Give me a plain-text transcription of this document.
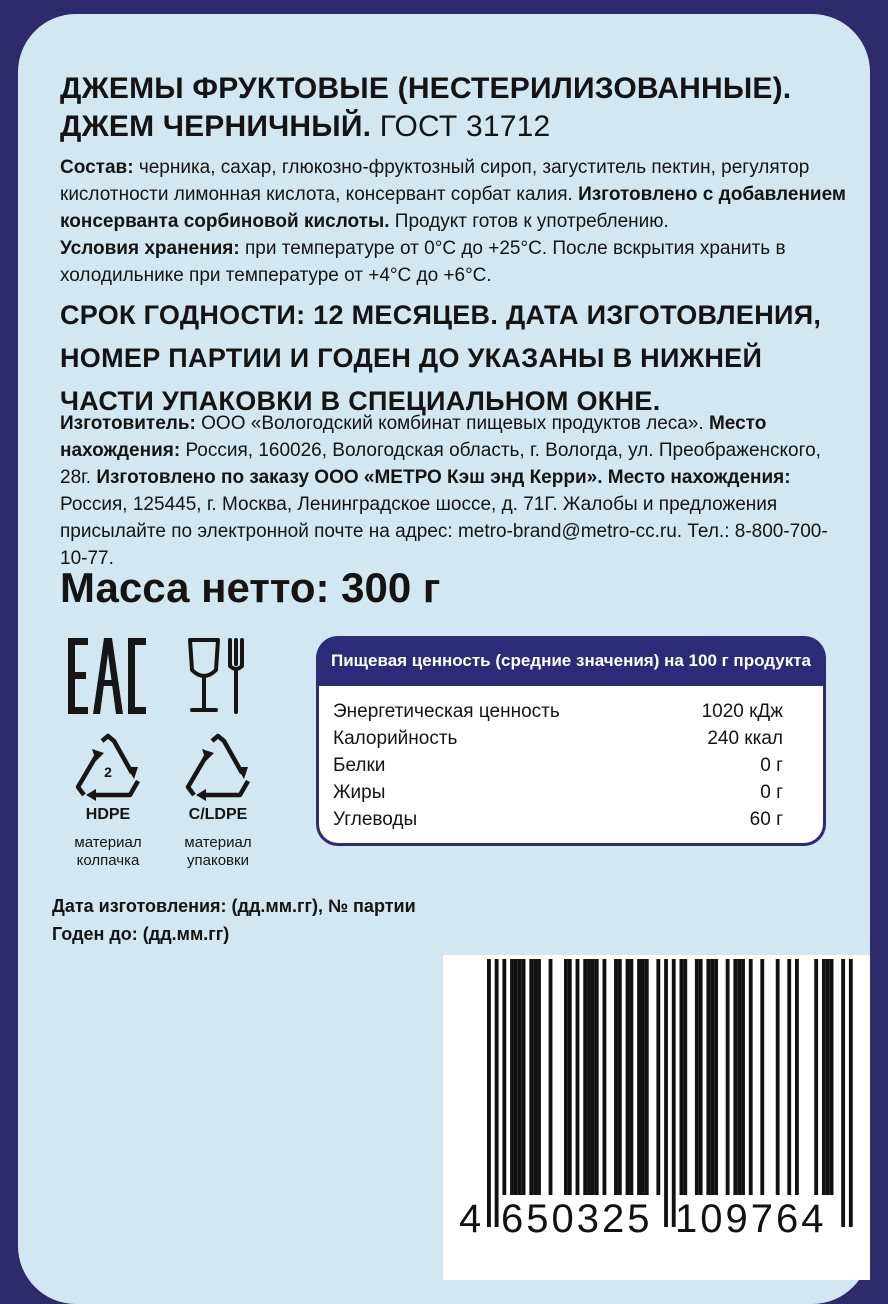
ДЖЕМЫ ФРУКТОВЫЕ (НЕСТЕРИЛИЗОВАННЫЕ).
ДЖЕМ ЧЕРНИЧНЫЙ. ГОСТ 31712
Состав: черника, сахар, глюкозно-фруктозный сироп, загуститель пектин, регулятор кислотности лимонная кислота, консервант сорбат калия. Изготовлено с добавлением консерванта сорбиновой кислоты. Продукт готов к употреблению.
Условия хранения: при температуре от 0°С до +25°С. После вскрытия хранить в холодильнике при температуре от +4°С до +6°С.
СРОК ГОДНОСТИ: 12 МЕСЯЦЕВ. ДАТА ИЗГОТОВЛЕНИЯ,
НОМЕР ПАРТИИ И ГОДЕН ДО УКАЗАНЫ В НИЖНЕЙ
ЧАСТИ УПАКОВКИ В СПЕЦИАЛЬНОМ ОКНЕ.
Изготовитель: ООО «Вологодский комбинат пищевых продуктов леса». Место нахождения: Россия, 160026, Вологодская область, г. Вологда, ул. Преображенского, 28г. Изготовлено по заказу ООО «МЕТРО Кэш энд Керри». Место нахождения: Россия, 125445, г. Москва, Ленинградское шоссе, д. 71Г. Жалобы и предложения присылайте по электронной почте на адрес: metro-brand@metro-cc.ru. Тел.: 8-800-700-10-77.
Масса нетто: 300 г
2
HDPE
материал
колпачка
C/LDPE
материал
упаковки
Пищевая ценность (средние значения) на 100 г продукта
Энергетическая ценность	1020 кДж
Калорийность	240 ккал
Белки	0 г
Жиры	0 г
Углеводы	60 г
Дата изготовления: (дд.мм.гг), № партии
Годен до: (дд.мм.гг)
4 650325 109764
